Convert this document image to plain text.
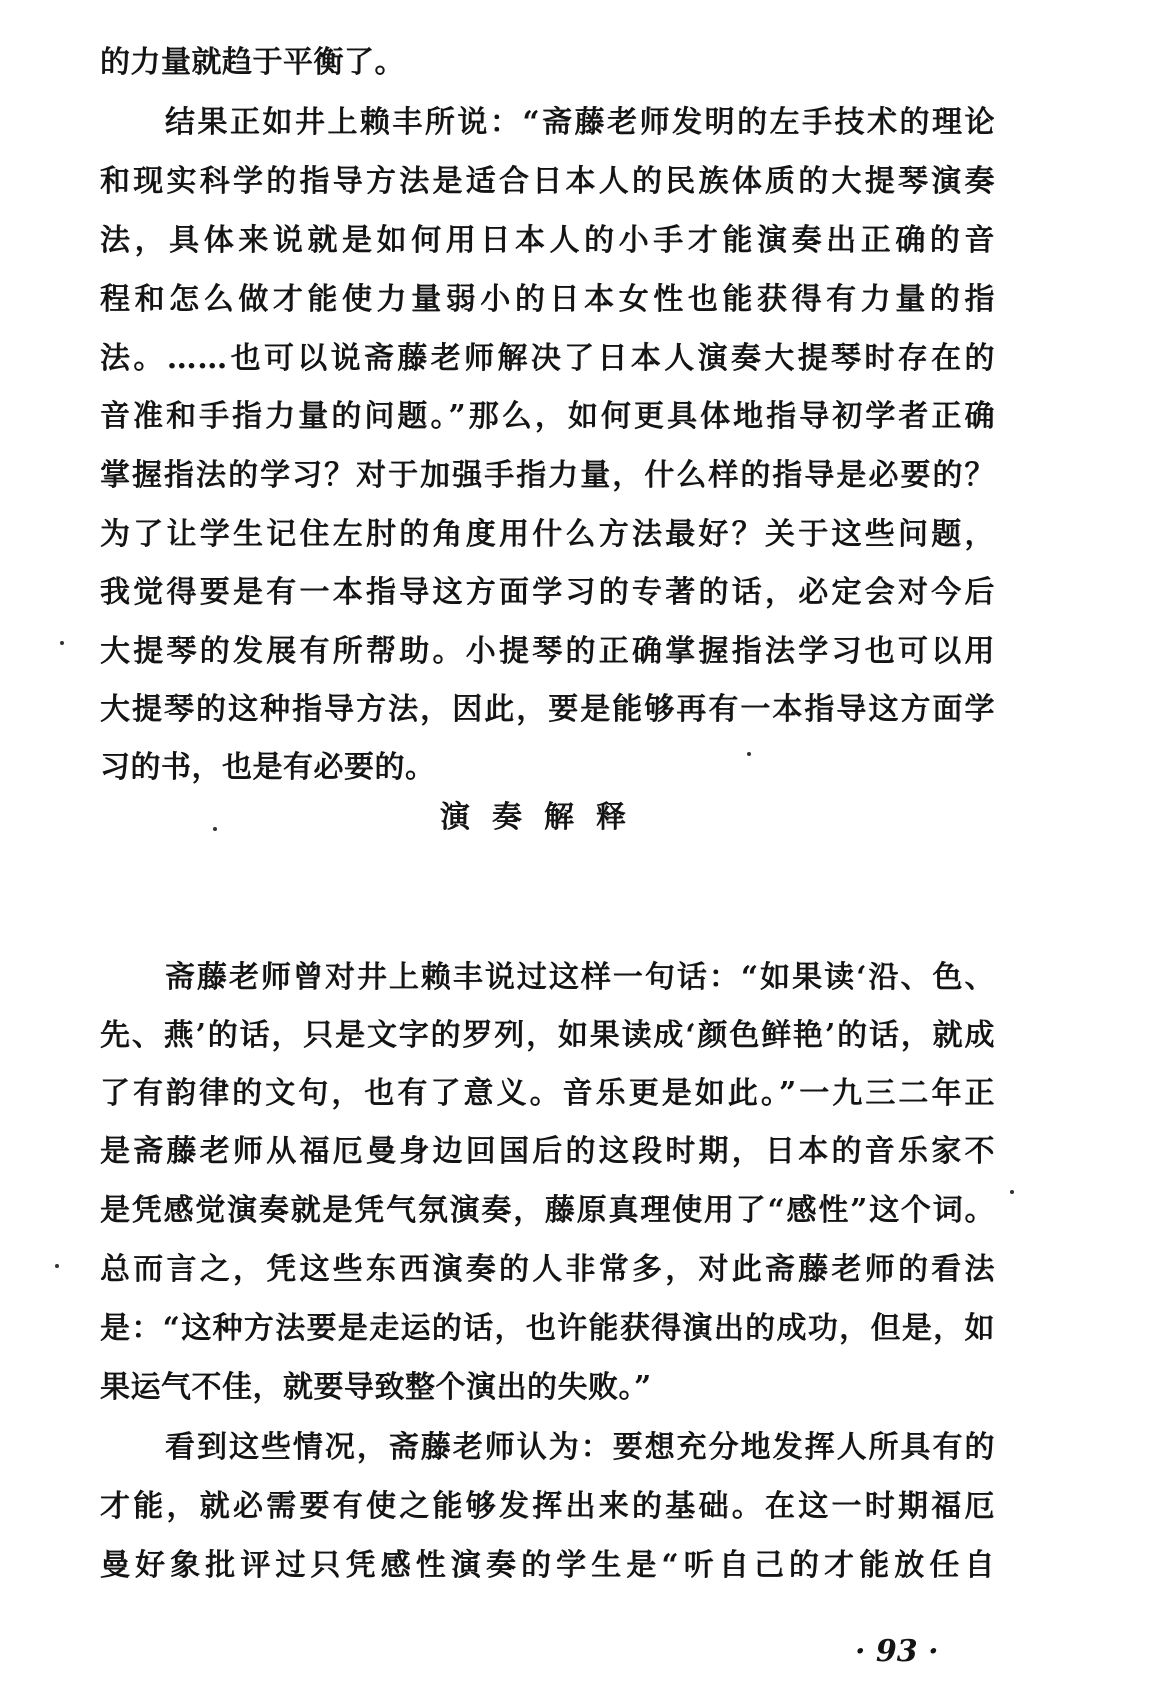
的力量就趋于平衡了。
结果正如井上赖丰所说：“斋藤老师发明的左手技术的理论
和现实科学的指导方法是适合日本人的民族体质的大提琴演奏
法，具体来说就是如何用日本人的小手才能演奏出正确的音
程和怎么做才能使力量弱小的日本女性也能获得有力量的指
法。……也可以说斋藤老师解决了日本人演奏大提琴时存在的
音准和手指力量的问题。”那么，如何更具体地指导初学者正确
掌握指法的学习？对于加强手指力量，什么样的指导是必要的？
为了让学生记住左肘的角度用什么方法最好？关于这些问题，
我觉得要是有一本指导这方面学习的专著的话，必定会对今后
大提琴的发展有所帮助。小提琴的正确掌握指法学习也可以用
大提琴的这种指导方法，因此，要是能够再有一本指导这方面学
习的书，也是有必要的。
演奏解释
斋藤老师曾对井上赖丰说过这样一句话：“如果读‘沿、色、
先、燕’的话，只是文字的罗列，如果读成‘颜色鲜艳’的话，就成
了有韵律的文句，也有了意义。音乐更是如此。”一九三二年正
是斋藤老师从福厄曼身边回国后的这段时期，日本的音乐家不
是凭感觉演奏就是凭气氛演奏，藤原真理使用了“感性”这个词。
总而言之，凭这些东西演奏的人非常多，对此斋藤老师的看法
是：“这种方法要是走运的话，也许能获得演出的成功，但是，如
果运气不佳，就要导致整个演出的失败。”
看到这些情况，斋藤老师认为：要想充分地发挥人所具有的
才能，就必需要有使之能够发挥出来的基础。在这一时期福厄
曼好象批评过只凭感性演奏的学生是“听自己的才能放任自
· 93 ·
